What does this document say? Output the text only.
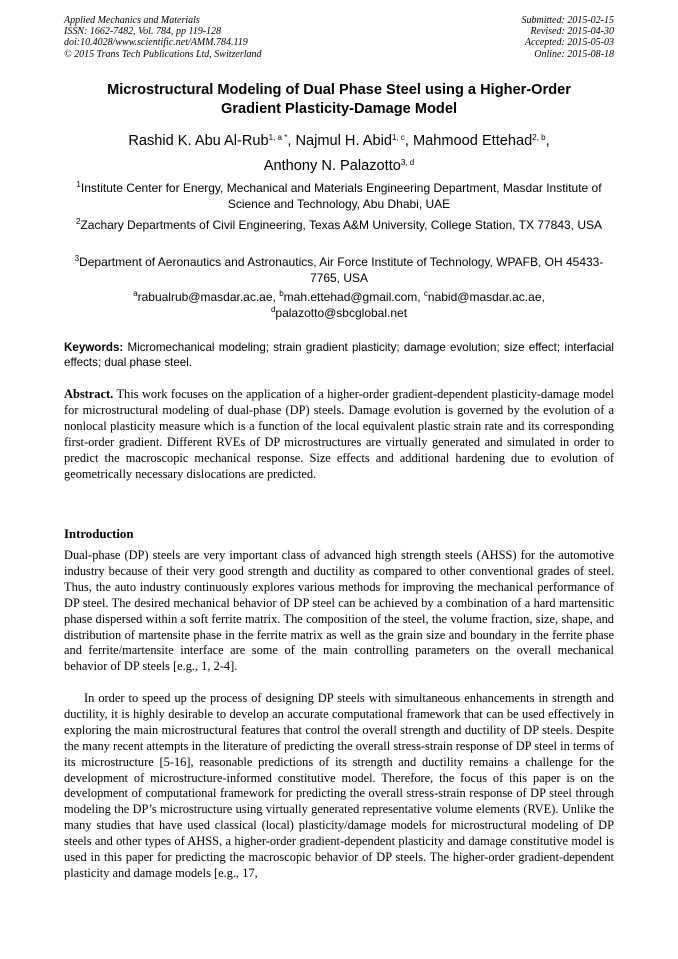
Applied Mechanics and Materials
ISSN: 1662-7482, Vol. 784, pp 119-128
doi:10.4028/www.scientific.net/AMM.784.119
© 2015 Trans Tech Publications Ltd, Switzerland
Submitted: 2015-02-15
Revised: 2015-04-30
Accepted: 2015-05-03
Online: 2015-08-18
Microstructural Modeling of Dual Phase Steel using a Higher-Order
Gradient Plasticity-Damage Model
Rashid K. Abu Al-Rub$^{1, a *}$, Najmul H. Abid$^{1, c}$, Mahmood Ettehad$^{2, b}$,
Anthony N. Palazotto$^{3, d}$
$^1$Institute Center for Energy, Mechanical and Materials Engineering Department, Masdar Institute of Science and Technology, Abu Dhabi, UAE
$^2$Zachary Departments of Civil Engineering, Texas A&M University, College Station, TX 77843, USA
$^3$Department of Aeronautics and Astronautics, Air Force Institute of Technology, WPAFB, OH 45433-7765, USA
$^a$rabualrub@masdar.ac.ae, $^b$mah.ettehad@gmail.com, $^c$nabid@masdar.ac.ae,
$^d$palazotto@sbcglobal.net
Keywords: Micromechanical modeling; strain gradient plasticity; damage evolution; size effect; interfacial effects; dual phase steel.
Abstract. This work focuses on the application of a higher-order gradient-dependent plasticity-damage model for microstructural modeling of dual-phase (DP) steels. Damage evolution is governed by the evolution of a nonlocal plasticity measure which is a function of the local equivalent plastic strain rate and its corresponding first-order gradient. Different RVEs of DP microstructures are virtually generated and simulated in order to predict the macroscopic mechanical response. Size effects and additional hardening due to evolution of geometrically necessary dislocations are predicted.
Introduction
Dual-phase (DP) steels are very important class of advanced high strength steels (AHSS) for the automotive industry because of their very good strength and ductility as compared to other conventional grades of steel. Thus, the auto industry continuously explores various methods for improving the mechanical performance of DP steel. The desired mechanical behavior of DP steel can be achieved by a combination of a hard martensitic phase dispersed within a soft ferrite matrix. The composition of the steel, the volume fraction, size, shape, and distribution of martensite phase in the ferrite matrix as well as the grain size and boundary in the ferrite phase and ferrite/martensite interface are some of the main controlling parameters on the overall mechanical behavior of DP steels [e.g., 1, 2-4].
In order to speed up the process of designing DP steels with simultaneous enhancements in strength and ductility, it is highly desirable to develop an accurate computational framework that can be used effectively in exploring the main microstructural features that control the overall strength and ductility of DP steels. Despite the many recent attempts in the literature of predicting the overall stress-strain response of DP steel in terms of its microstructure [5-16], reasonable predictions of its strength and ductility remains a challenge for the development of microstructure-informed constitutive model. Therefore, the focus of this paper is on the development of computational framework for predicting the overall stress-strain response of DP steel through modeling the DP’s microstructure using virtually generated representative volume elements (RVE). Unlike the many studies that have used classical (local) plasticity/damage models for microstructural modeling of DP steels and other types of AHSS, a higher-order gradient-dependent plasticity and damage constitutive model is used in this paper for predicting the macroscopic behavior of DP steels. The higher-order gradient-dependent plasticity and damage models [e.g., 17,
